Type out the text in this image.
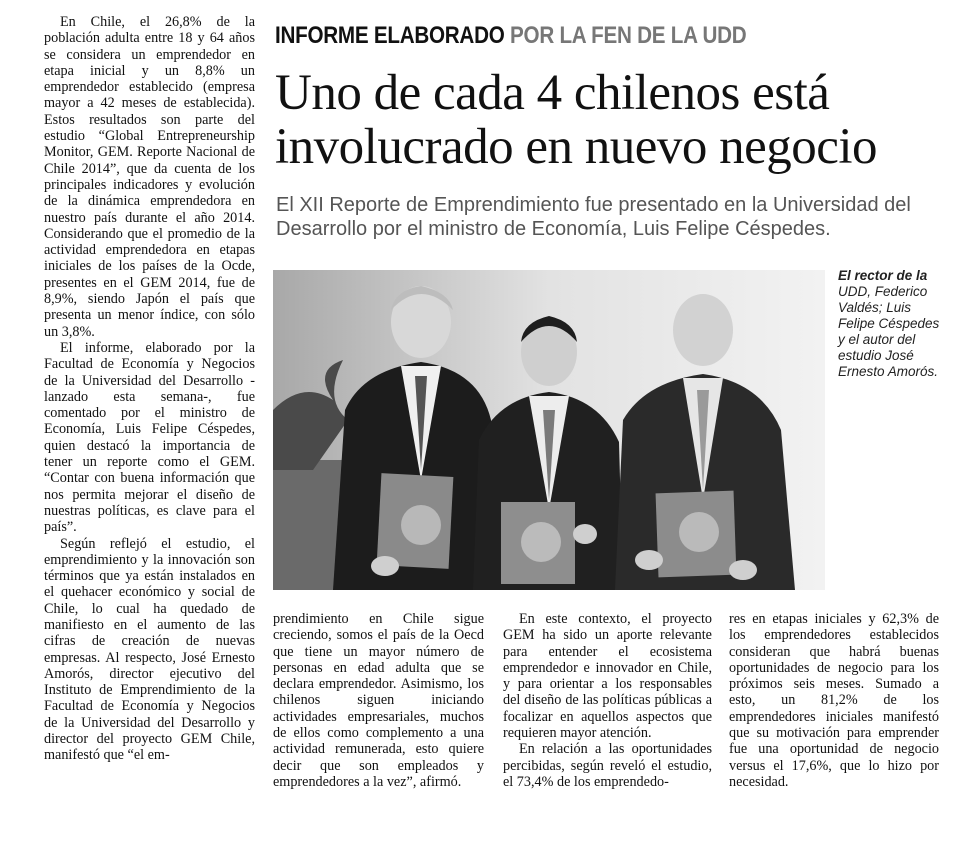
En Chile, el 26,8% de la población adulta entre 18 y 64 años se considera un emprendedor en etapa inicial y un 8,8% un emprendedor establecido (empresa mayor a 42 meses de establecida). Estos resultados son parte del estudio “Global Entrepreneurship Monitor, GEM. Reporte Nacional de Chile 2014”, que da cuenta de los principales indicadores y evolución de la dinámica emprendedora en nuestro país durante el año 2014. Considerando que el promedio de la actividad emprendedora en etapas iniciales de los países de la Ocde, presentes en el GEM 2014, fue de 8,9%, siendo Japón el país que presenta un menor índice, con sólo un 3,8%.

El informe, elaborado por la Facultad de Economía y Negocios de la Universidad del Desarrollo -lanzado esta semana-, fue comentado por el ministro de Economía, Luis Felipe Céspedes, quien destacó la importancia de tener un reporte como el GEM. “Contar con buena información que nos permita mejorar el diseño de nuestras políticas, es clave para el país”.

Según reflejó el estudio, el emprendimiento y la innovación son términos que ya están instalados en el quehacer económico y social de Chile, lo cual ha quedado de manifiesto en el aumento de las cifras de creación de nuevas empresas. Al respecto, José Ernesto Amorós, director ejecutivo del Instituto de Emprendimiento de la Facultad de Economía y Negocios de la Universidad del Desarrollo y director del proyecto GEM Chile, manifestó que “el em-

INFORME ELABORADO POR LA FEN DE LA UDD
Uno de cada 4 chilenos está
involucrado en nuevo negocio
El XII Reporte de Emprendimiento fue presentado en la Universidad del Desarrollo por el ministro de Economía, Luis Felipe Céspedes.
El rector de la UDD, Federico Valdés; Luis Felipe Céspedes y el autor del estudio José Ernesto Amorós.

prendimiento en Chile sigue creciendo, somos el país de la Oecd que tiene un mayor número de personas en edad adulta que se declara emprendedor. Asimismo, los chilenos siguen iniciando actividades empresariales, muchos de ellos como complemento a una actividad remunerada, esto quiere decir que son empleados y emprendedores a la vez”, afirmó.

En este contexto, el proyecto GEM ha sido un aporte relevante para entender el ecosistema emprendedor e innovador en Chile, y para orientar a los responsables del diseño de las políticas públicas a focalizar en aquellos aspectos que requieren mayor atención.

En relación a las oportunidades percibidas, según reveló el estudio, el 73,4% de los emprendedo-

res en etapas iniciales y 62,3% de los emprendedores establecidos consideran que habrá buenas oportunidades de negocio para los próximos seis meses. Sumado a esto, un 81,2% de los emprendedores iniciales manifestó que su motivación para emprender fue una oportunidad de negocio versus el 17,6%, que lo hizo por necesidad.
